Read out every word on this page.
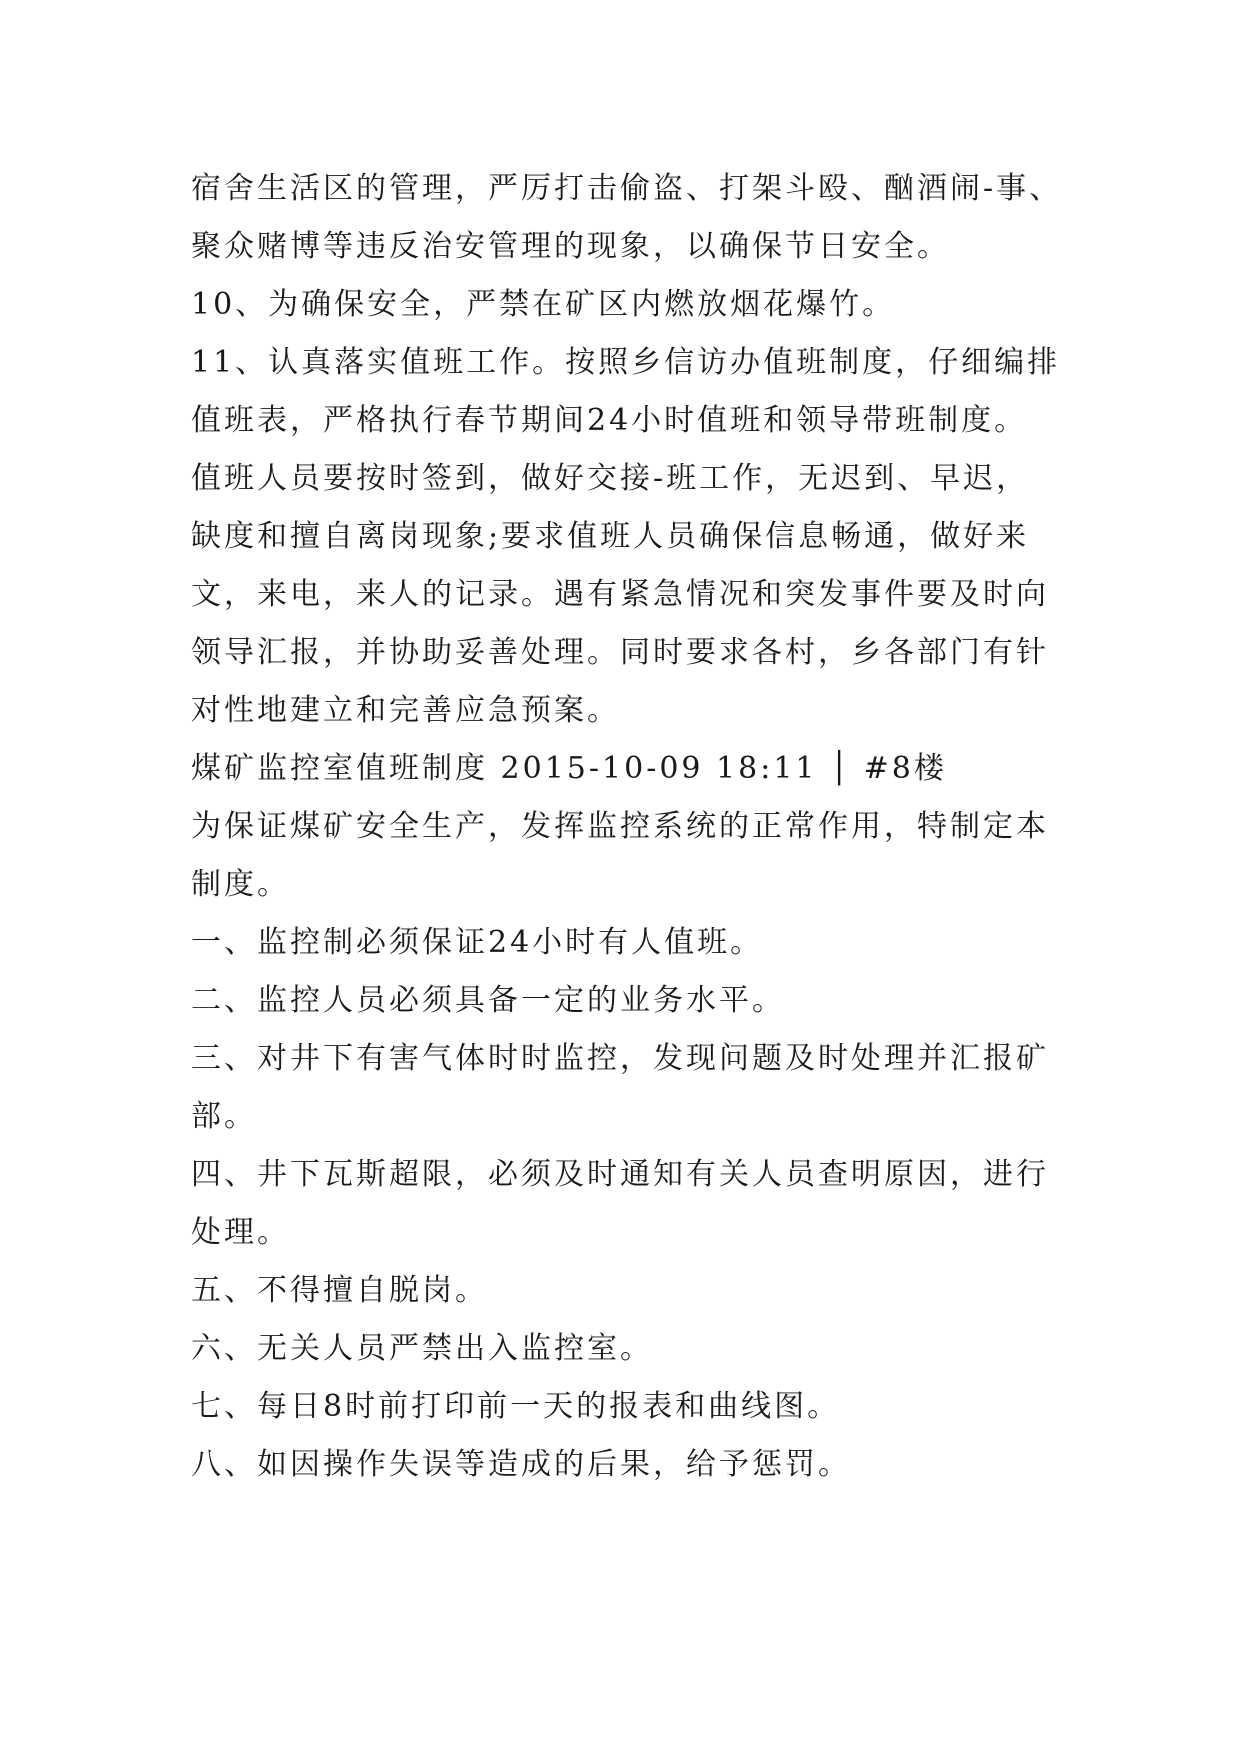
宿舍生活区的管理，严厉打击偷盗、打架斗殴、酗酒闹-事、
聚众赌博等违反治安管理的现象，以确保节日安全。
10、为确保安全，严禁在矿区内燃放烟花爆竹。
11、认真落实值班工作。按照乡信访办值班制度，仔细编排
值班表，严格执行春节期间24小时值班和领导带班制度。
值班人员要按时签到，做好交接-班工作，无迟到、早迟，
缺度和擅自离岗现象;要求值班人员确保信息畅通，做好来
文，来电，来人的记录。遇有紧急情况和突发事件要及时向
领导汇报，并协助妥善处理。同时要求各村，乡各部门有针
对性地建立和完善应急预案。
煤矿监控室值班制度 2015-10-09 18:11 │ #8楼
为保证煤矿安全生产，发挥监控系统的正常作用，特制定本
制度。
一、监控制必须保证24小时有人值班。
二、监控人员必须具备一定的业务水平。
三、对井下有害气体时时监控，发现问题及时处理并汇报矿
部。
四、井下瓦斯超限，必须及时通知有关人员查明原因，进行
处理。
五、不得擅自脱岗。
六、无关人员严禁出入监控室。
七、每日8时前打印前一天的报表和曲线图。
八、如因操作失误等造成的后果，给予惩罚。
